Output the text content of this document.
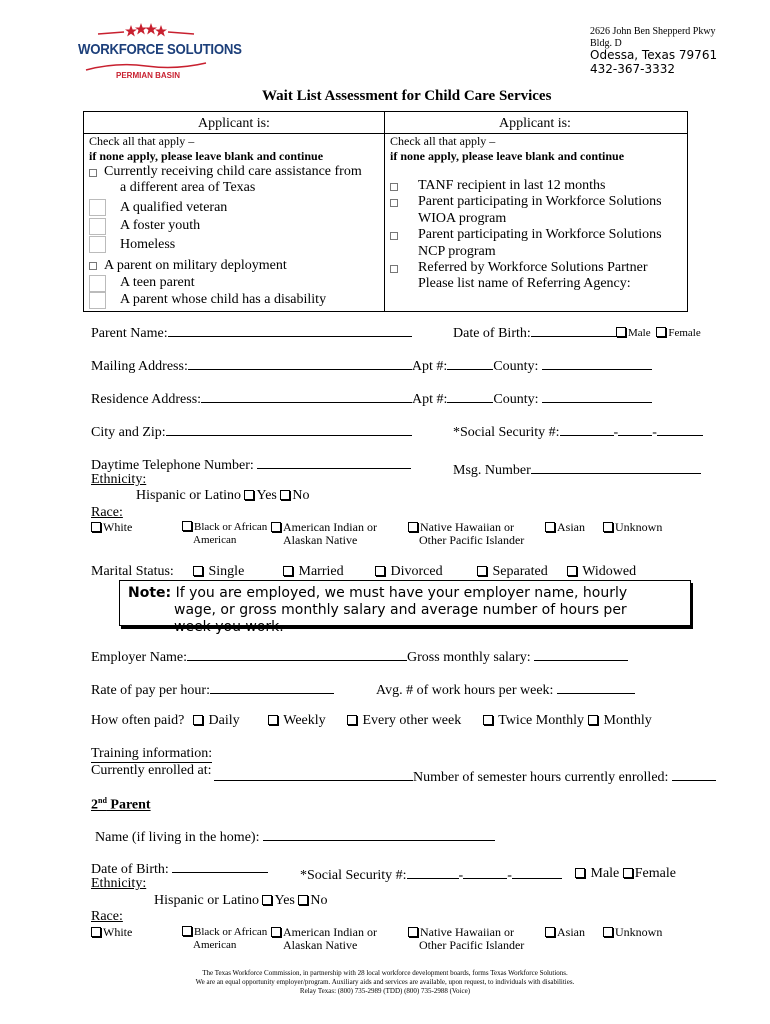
WORKFORCE SOLUTIONS
PERMIAN BASIN
2626 John Ben Shepperd Pkwy
Bldg. D
Odessa, Texas 79761
432-367-3332
Wait List Assessment for Child Care Services
Applicant is:	Applicant is:
Check all that apply –
if none apply, please leave blank and continue
Currently receiving child care assistance from
a different area of Texas
A qualified veteran
A foster youth
Homeless
A parent on military deployment
A teen parent
A parent whose child has a disability
Check all that apply –
if none apply, please leave blank and continue
TANF recipient in last 12 months
Parent participating in Workforce Solutions
WIOA program
Parent participating in Workforce Solutions
NCP program
Referred by Workforce Solutions Partner
Please list name of Referring Agency:
Parent Name:	Date of Birth:	Male Female
Mailing Address:	Apt #:	County:
Residence Address:	Apt #:	County:
City and Zip:	*Social Security #:	- -
Daytime Telephone Number:	Msg. Number
Ethnicity:
Hispanic or Latino Yes No
Race:
White	Black or African
American
American Indian or
Alaskan Native
Native Hawaiian or
Other Pacific Islander
Asian	Unknown
Marital Status:	Single	Married	Divorced	Separated	Widowed
Note: If you are employed, we must have your employer name, hourly
wage, or gross monthly salary and average number of hours per
week you work.
Employer Name:	Gross monthly salary:
Rate of pay per hour:	Avg. # of work hours per week:
How often paid?	Daily	Weekly	Every other week	Twice Monthly	Monthly
Training information:
Currently enrolled at:	Number of semester hours currently enrolled:
2nd Parent
Name (if living in the home):
Date of Birth:	*Social Security #:	-	-	Male Female
Ethnicity:
Hispanic or Latino Yes No
Race:
White	Black or African
American
American Indian or
Alaskan Native
Native Hawaiian or
Other Pacific Islander
Asian	Unknown
The Texas Workforce Commission, in partnership with 28 local workforce development boards, forms Texas Workforce Solutions.
We are an equal opportunity employer/program. Auxiliary aids and services are available, upon request, to individuals with disabilities.
Relay Texas: (800) 735-2989 (TDD) (800) 735-2988 (Voice)
